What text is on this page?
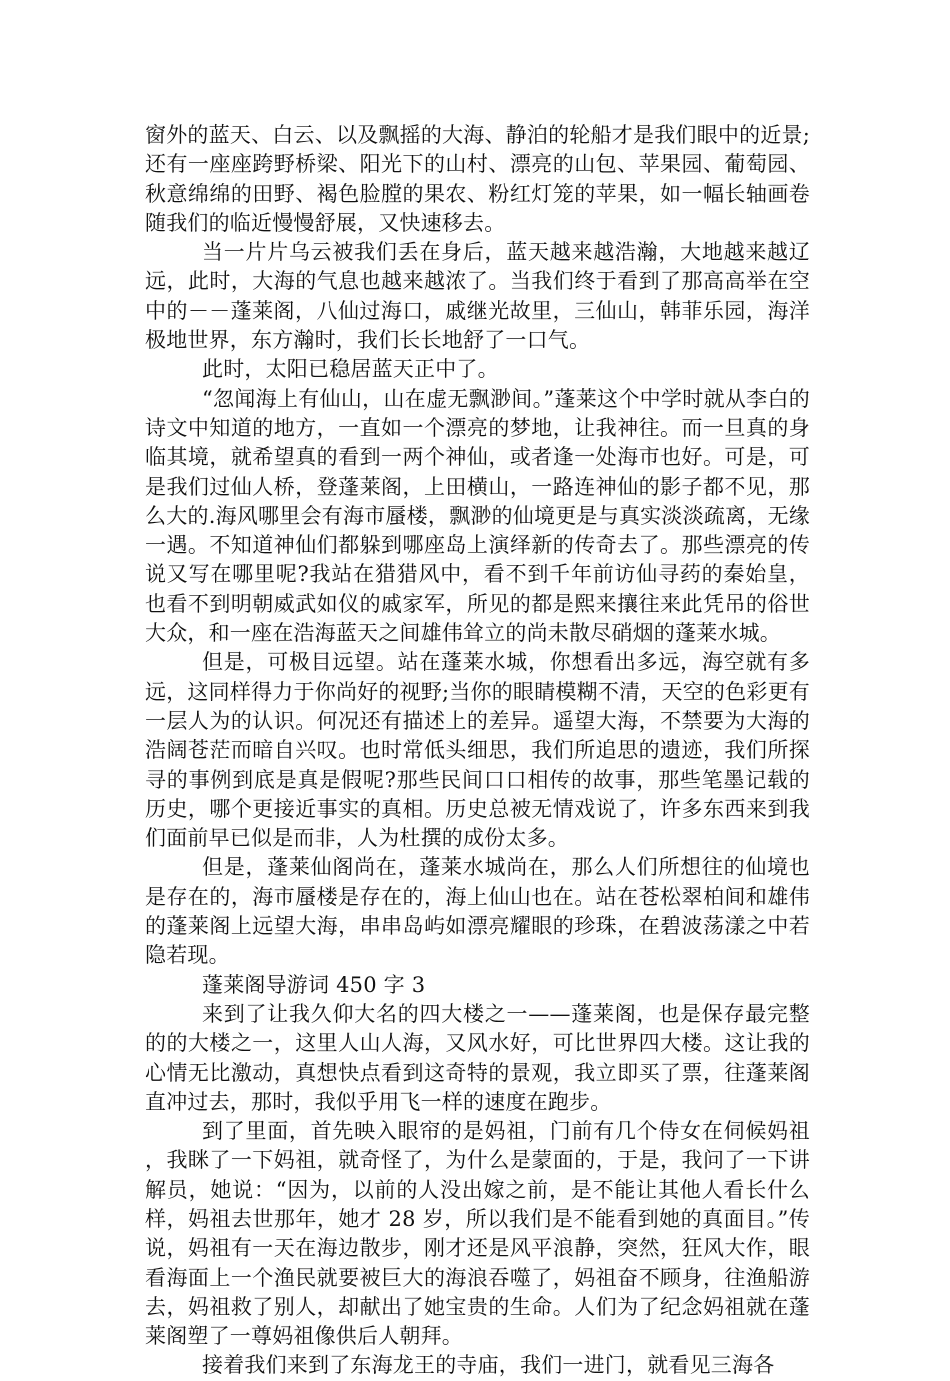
窗外的蓝天、白云、以及飘摇的大海、静泊的轮船才是我们眼中的近景;还有一座座跨野桥梁、阳光下的山村、漂亮的山包、苹果园、葡萄园、秋意绵绵的田野、褐色脸膛的果农、粉红灯笼的苹果，如一幅长轴画卷随我们的临近慢慢舒展，又快速移去。

当一片片乌云被我们丢在身后，蓝天越来越浩瀚，大地越来越辽远，此时，大海的气息也越来越浓了。当我们终于看到了那高高举在空中的－－蓬莱阁，八仙过海口，戚继光故里，三仙山，韩菲乐园，海洋极地世界，东方瀚时，我们长长地舒了一口气。

此时，太阳已稳居蓝天正中了。

“忽闻海上有仙山，山在虚无飘渺间。”蓬莱这个中学时就从李白的诗文中知道的地方，一直如一个漂亮的梦地，让我神往。而一旦真的身临其境，就希望真的看到一两个神仙，或者逢一处海市也好。可是，可是我们过仙人桥，登蓬莱阁，上田横山，一路连神仙的影子都不见，那么大的.海风哪里会有海市蜃楼，飘渺的仙境更是与真实淡淡疏离，无缘一遇。不知道神仙们都躲到哪座岛上演绎新的传奇去了。那些漂亮的传说又写在哪里呢?我站在猎猎风中，看不到千年前访仙寻药的秦始皇，也看不到明朝威武如仪的戚家军，所见的都是熙来攘往来此凭吊的俗世大众，和一座在浩海蓝天之间雄伟耸立的尚未散尽硝烟的蓬莱水城。

但是，可极目远望。站在蓬莱水城，你想看出多远，海空就有多远，这同样得力于你尚好的视野;当你的眼睛模糊不清，天空的色彩更有一层人为的认识。何况还有描述上的差异。遥望大海，不禁要为大海的浩阔苍茫而暗自兴叹。也时常低头细思，我们所追思的遗迹，我们所探寻的事例到底是真是假呢?那些民间口口相传的故事，那些笔墨记载的历史，哪个更接近事实的真相。历史总被无情戏说了，许多东西来到我们面前早已似是而非，人为杜撰的成份太多。

但是，蓬莱仙阁尚在，蓬莱水城尚在，那么人们所想往的仙境也是存在的，海市蜃楼是存在的，海上仙山也在。站在苍松翠柏间和雄伟的蓬莱阁上远望大海，串串岛屿如漂亮耀眼的珍珠，在碧波荡漾之中若隐若现。

蓬莱阁导游词 450 字 3

来到了让我久仰大名的四大楼之一——蓬莱阁，也是保存最完整的的大楼之一，这里人山人海，又风水好，可比世界四大楼。这让我的心情无比激动，真想快点看到这奇特的景观，我立即买了票，往蓬莱阁直冲过去，那时，我似乎用飞一样的速度在跑步。

到了里面，首先映入眼帘的是妈祖，门前有几个侍女在伺候妈祖，我眯了一下妈祖，就奇怪了，为什么是蒙面的，于是，我问了一下讲解员，她说：“因为，以前的人没出嫁之前，是不能让其他人看长什么样，妈祖去世那年，她才 28 岁，所以我们是不能看到她的真面目。”传说，妈祖有一天在海边散步，刚才还是风平浪静，突然，狂风大作，眼看海面上一个渔民就要被巨大的海浪吞噬了，妈祖奋不顾身，往渔船游去，妈祖救了别人，却献出了她宝贵的生命。人们为了纪念妈祖就在蓬莱阁塑了一尊妈祖像供后人朝拜。

接着我们来到了东海龙王的寺庙，我们一进门，就看见三海各
